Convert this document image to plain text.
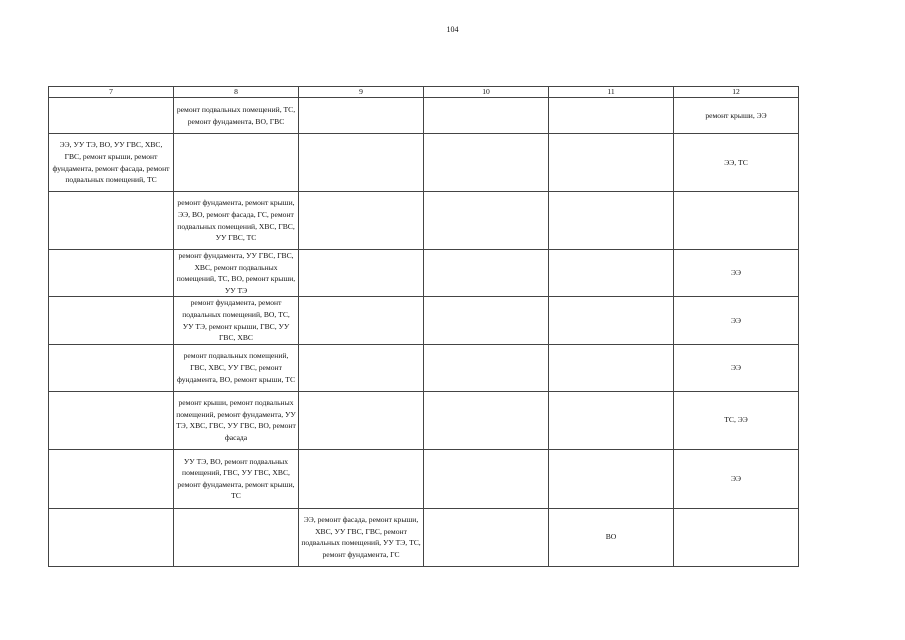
104
7	8	9	10	11	12
	ремонт подвальных помещений, ТС, ремонт фундамента, ВО, ГВС				ремонт крыши, ЭЭ
ЭЭ, УУ ТЭ, ВО, УУ ГВС, ХВС, ГВС, ремонт крыши, ремонт фундамента, ремонт фасада, ремонт подвальных помещений, ТС					ЭЭ, ТС
	ремонт фундамента, ремонт крыши, ЭЭ, ВО, ремонт фасада, ГС, ремонт подвальных помещений, ХВС, ГВС, УУ ГВС, ТС				
	ремонт фундамента, УУ ГВС, ГВС, ХВС, ремонт подвальных помещений, ТС, ВО, ремонт крыши, УУ ТЭ				ЭЭ
	ремонт фундамента, ремонт подвальных помещений, ВО, ТС, УУ ТЭ, ремонт крыши, ГВС, УУ ГВС, ХВС				ЭЭ
	ремонт подвальных помещений, ГВС, ХВС, УУ ГВС, ремонт фундамента, ВО, ремонт крыши, ТС				ЭЭ
	ремонт крыши, ремонт подвальных помещений, ремонт фундамента, УУ ТЭ, ХВС, ГВС, УУ ГВС, ВО, ремонт фасада				ТС, ЭЭ
	УУ ТЭ, ВО, ремонт подвальных помещений, ГВС, УУ ГВС, ХВС, ремонт фундамента, ремонт крыши, ТС				ЭЭ
		ЭЭ, ремонт фасада, ремонт крыши, ХВС, УУ ГВС, ГВС, ремонт подвальных помещений, УУ ТЭ, ТС, ремонт фундамента, ГС		ВО	
